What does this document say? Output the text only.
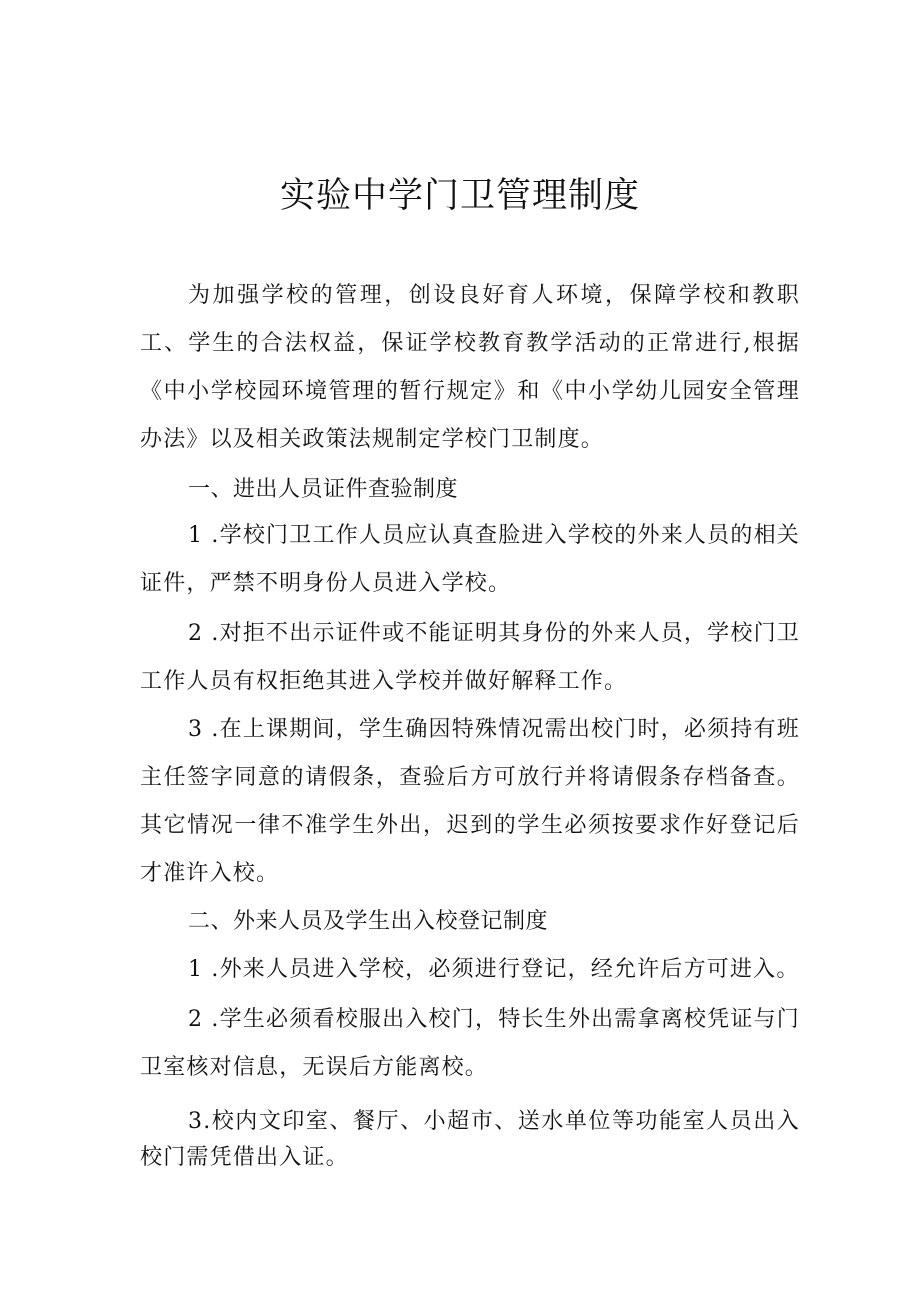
实验中学门卫管理制度

为加强学校的管理，创设良好育人环境，保障学校和教职工、学生的合法权益，保证学校教育教学活动的正常进行,根据《中小学校园环境管理的暂行规定》和《中小学幼儿园安全管理办法》以及相关政策法规制定学校门卫制度。

一、进出人员证件查验制度

1 .学校门卫工作人员应认真查脸进入学校的外来人员的相关证件，严禁不明身份人员进入学校。

2 .对拒不出示证件或不能证明其身份的外来人员，学校门卫工作人员有权拒绝其进入学校并做好解释工作。

3 .在上课期间，学生确因特殊情况需出校门时，必须持有班主任签字同意的请假条，查验后方可放行并将请假条存档备查。其它情况一律不准学生外出，迟到的学生必须按要求作好登记后才准许入校。

二、外来人员及学生出入校登记制度

1 .外来人员进入学校，必须进行登记，经允许后方可进入。

2 .学生必须看校服出入校门，特长生外出需拿离校凭证与门卫室核对信息，无误后方能离校。

3.校内文印室、餐厅、小超市、送水单位等功能室人员出入校门需凭借出入证。
